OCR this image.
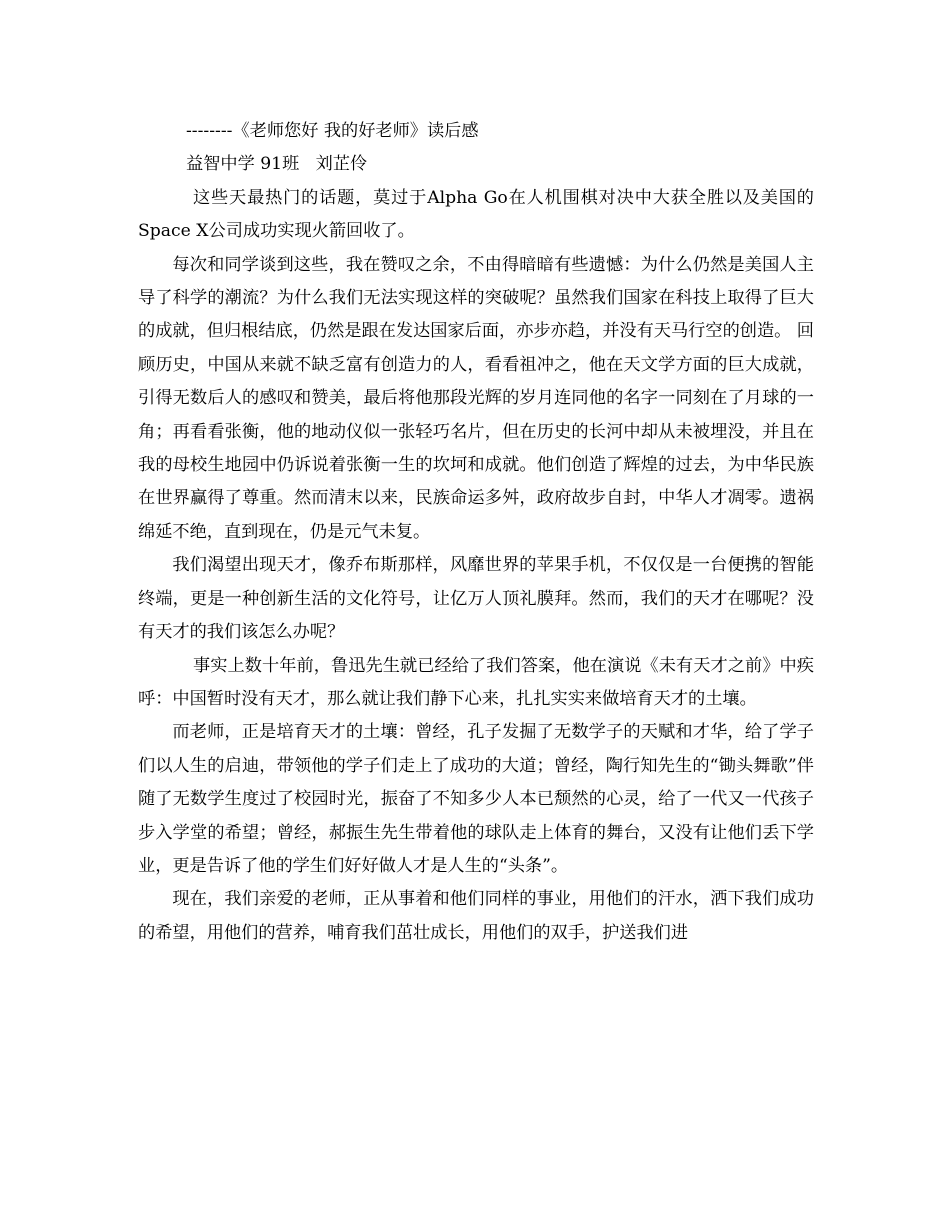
--------《老师您好 我的好老师》读后感
益智中学 91班   刘芷伶

这些天最热门的话题，莫过于Alpha Go在人机围棋对决中大获全胜以及美国的Space X公司成功实现火箭回收了。

每次和同学谈到这些，我在赞叹之余，不由得暗暗有些遗憾：为什么仍然是美国人主导了科学的潮流？为什么我们无法实现这样的突破呢？虽然我们国家在科技上取得了巨大的成就，但归根结底，仍然是跟在发达国家后面，亦步亦趋，并没有天马行空的创造。 回顾历史，中国从来就不缺乏富有创造力的人，看看祖冲之，他在天文学方面的巨大成就，引得无数后人的感叹和赞美，最后将他那段光辉的岁月连同他的名字一同刻在了月球的一角；再看看张衡，他的地动仪似一张轻巧名片，但在历史的长河中却从未被埋没，并且在我的母校生地园中仍诉说着张衡一生的坎坷和成就。他们创造了辉煌的过去，为中华民族在世界赢得了尊重。然而清末以来，民族命运多舛，政府故步自封，中华人才凋零。遗祸绵延不绝，直到现在，仍是元气未复。

我们渴望出现天才，像乔布斯那样，风靡世界的苹果手机，不仅仅是一台便携的智能终端，更是一种创新生活的文化符号，让亿万人顶礼膜拜。然而，我们的天才在哪呢？没有天才的我们该怎么办呢？

事实上数十年前，鲁迅先生就已经给了我们答案，他在演说《未有天才之前》中疾呼：中国暂时没有天才，那么就让我们静下心来，扎扎实实来做培育天才的土壤。

而老师，正是培育天才的土壤：曾经，孔子发掘了无数学子的天赋和才华，给了学子们以人生的启迪，带领他的学子们走上了成功的大道；曾经，陶行知先生的“锄头舞歌”伴随了无数学生度过了校园时光，振奋了不知多少人本已颓然的心灵，给了一代又一代孩子步入学堂的希望；曾经，郝振生先生带着他的球队走上体育的舞台，又没有让他们丢下学业，更是告诉了他的学生们好好做人才是人生的“头条”。

现在，我们亲爱的老师，正从事着和他们同样的事业，用他们的汗水，洒下我们成功的希望，用他们的营养，哺育我们茁壮成长，用他们的双手，护送我们进
